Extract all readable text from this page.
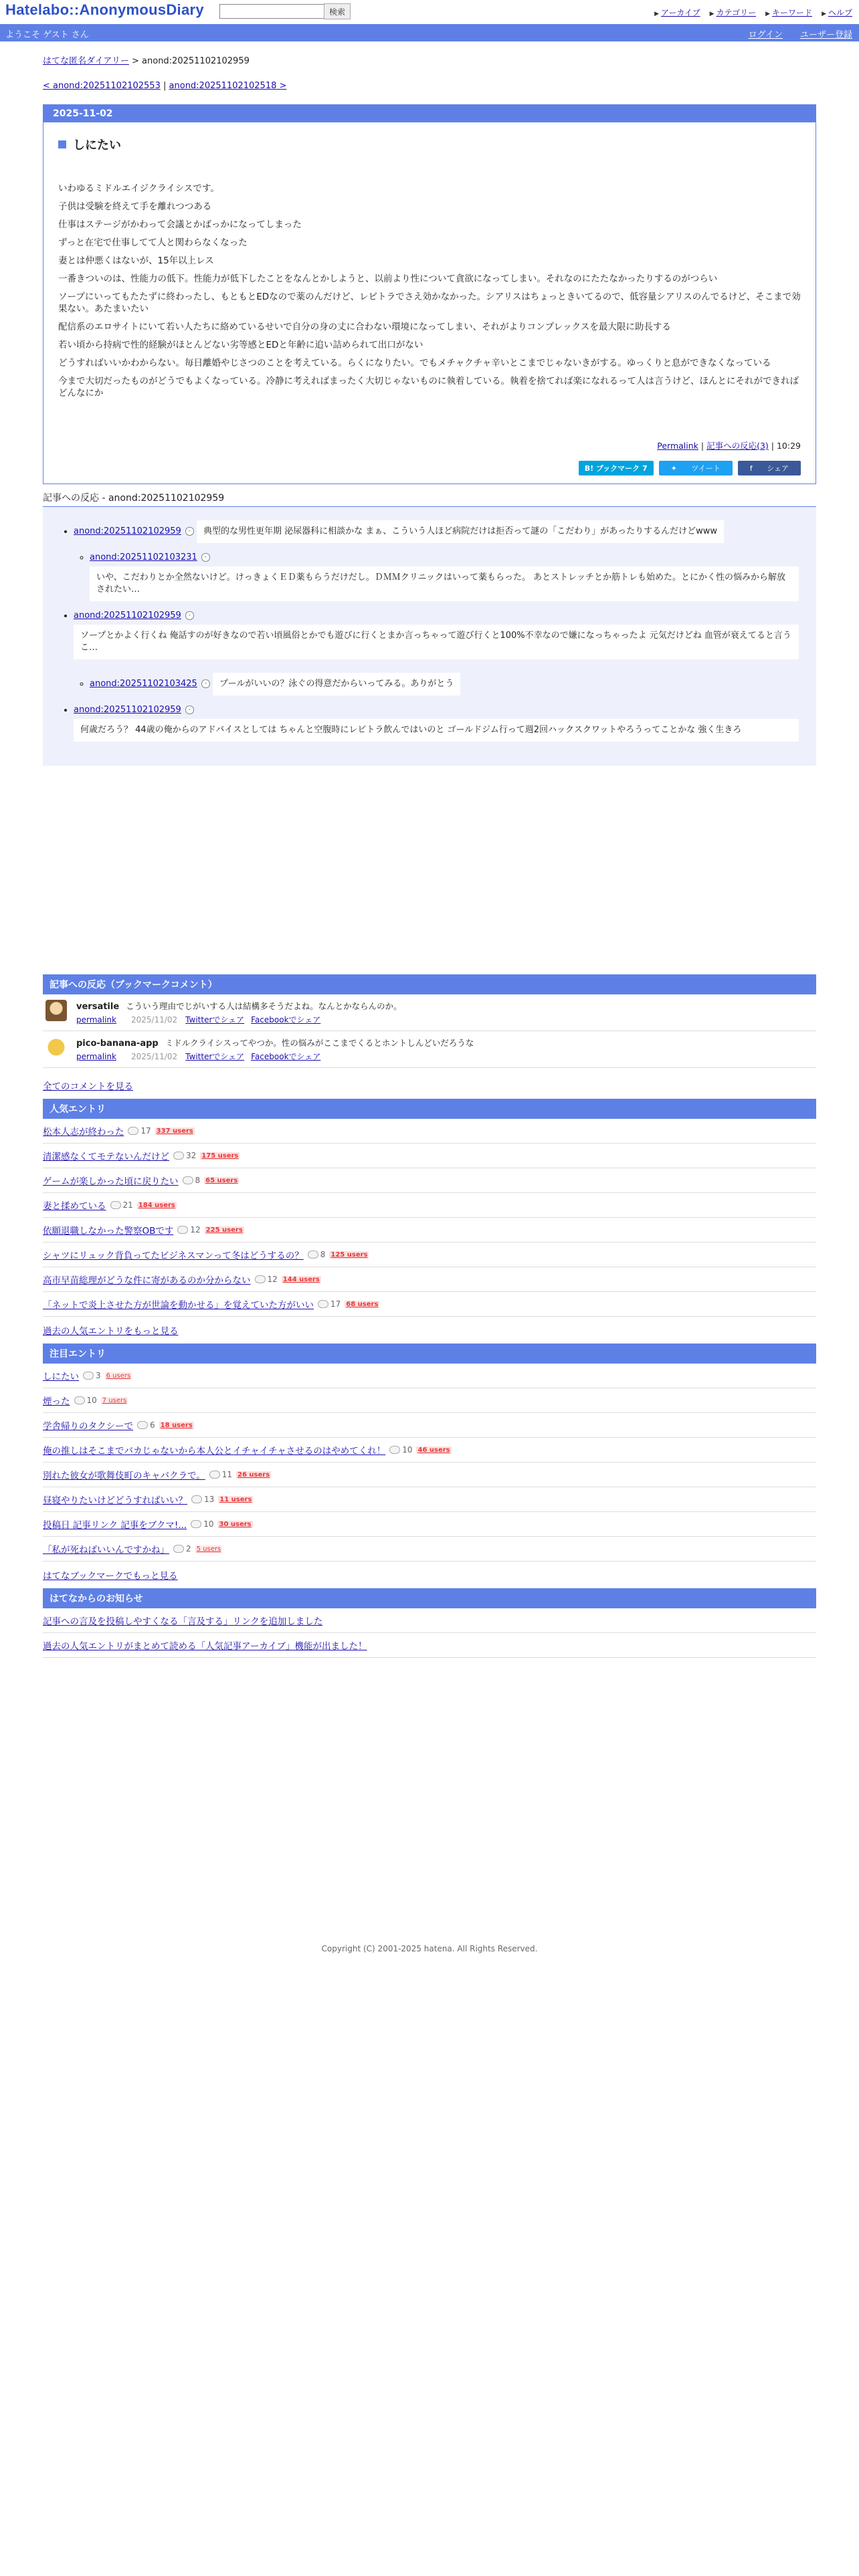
Hatelabo::AnonymousDiary	検索	▶ アーカイブ ▶ カテゴリー ▶ キーワード ▶ ヘルプ
ようこそ ゲスト さん	ログイン ユーザー登録
はてな匿名ダイアリー > anond:20251102102959
< anond:20251102102553 | anond:20251102102518 >
2025-11-02
しにたい

いわゆるミドルエイジクライシスです。

子供は受験を終えて手を離れつつある

仕事はステージがかわって会議とかばっかになってしまった

ずっと在宅で仕事してて人と関わらなくなった

妻とは仲悪くはないが、15年以上レス

一番きついのは、性能力の低下。性能力が低下したことをなんとかしようと、以前より性について貪欲になってしまい。それなのにたたなかったりするのがつらい

ソープにいってもたたずに終わったし、もともとEDなので薬のんだけど、レビトラでさえ効かなかった。シアリスはちょっときいてるので、低容量シアリスのんでるけど、そこまで効果ない。あたまいたい

配信系のエロサイトにいて若い人たちに絡めているせいで自分の身の丈に合わない環境になってしまい、それがよりコンプレックスを最大限に助長する

若い頃から持病で性的経験がほとんどない劣等感とEDと年齢に追い詰められて出口がない

どうすればいいかわからない。毎日離婚やじさつのことを考えている。らくになりたい。でもメチャクチャ辛いとこまでじゃないきがする。ゆっくりと息ができなくなっている

今まで大切だったものがどうでもよくなっている。冷静に考えればまったく大切じゃないものに執着している。執着を捨てれば楽になれるって人は言うけど、ほんとにそれができればどんなにか

Permalink | 記事への反応(3) | 10:29
B! ブックマーク 7	✦ ツイート	f シェア
記事への反応 - anond:20251102102959
• anond:20251102102959 - 典型的な男性更年期 泌尿器科に相談かな まぁ、こういう人ほど病院だけは拒否って謎の「こだわり」があったりするんだけどwww
◦ anond:20251102103231 -
いや、こだわりとか全然ないけど。けっきょくＥＤ薬もらうだけだし。ＤＭＭクリニックはいって薬もらった。 あとストレッチとか筋トレも始めた。とにかく性の悩みから解放されたい…
• anond:20251102102959 -
ソープとかよく行くね 俺話すのが好きなので若い頃風俗とかでも遊びに行くとまか言っちゃって遊び行くと100%不幸なので嫌になっちゃったよ 元気だけどね 血管が衰えてると言うこ…
◦ anond:20251102103425 - プールがいいの？泳ぐの得意だからいってみる。ありがとう
• anond:20251102102959 -
何歳だろう？ 44歳の俺からのアドバイスとしては ちゃんと空腹時にレビトラ飲んではいのと ゴールドジム行って週2回ハックスクワットやろうってことかな 強く生きろ
記事への反応（ブックマークコメント）
versatile こういう理由でじがいする人は結構多そうだよね。なんとかならんのか。
permalink 2025/11/02 Twitterでシェア Facebookでシェア
pico-banana-app ミドルクライシスってやつか。性の悩みがここまでくるとホントしんどいだろうな
permalink 2025/11/02 Twitterでシェア Facebookでシェア
全てのコメントを見る
人気エントリ
松本人志が終わった 17 337 users
清潔感なくてモテないんだけど 32 175 users
ゲームが楽しかった頃に戻りたい 8 65 users
妻と揉めている 21 184 users
依願退職しなかった警察OBです 12 225 users
シャツにリュック背負ってたビジネスマンって冬はどうするの？ 8 125 users
高市早苗総理がどうな件に寄があるのか分からない 12 144 users
「ネットで炎上させた方が世論を動かせる」を覚えていた方がいい 17 68 users
過去の人気エントリをもっと見る
注目エントリ
しにたい 3 6 users
煙った 10 7 users
学舎帰りのタクシーで 6 18 users
俺の推しはそこまでバカじゃないから本人公とイチャイチャさせるのはやめてくれ！ 10 46 users
別れた彼女が歌舞伎町のキャバクラで。 11 26 users
昼寝やりたいけどどうすればいい？ 13 11 users
投稿日 記事リンク 記事をブクマ!... 10 30 users
「私が死ねばいいんですかね」 2 5 users
はてなブックマークでもっと見る
はてなからのお知らせ
記事への言及を投稿しやすくなる「言及する」リンクを追加しました
過去の人気エントリがまとめて読める「人気記事アーカイブ」機能が出ました！
Copyright (C) 2001-2025 hatena. All Rights Reserved.
